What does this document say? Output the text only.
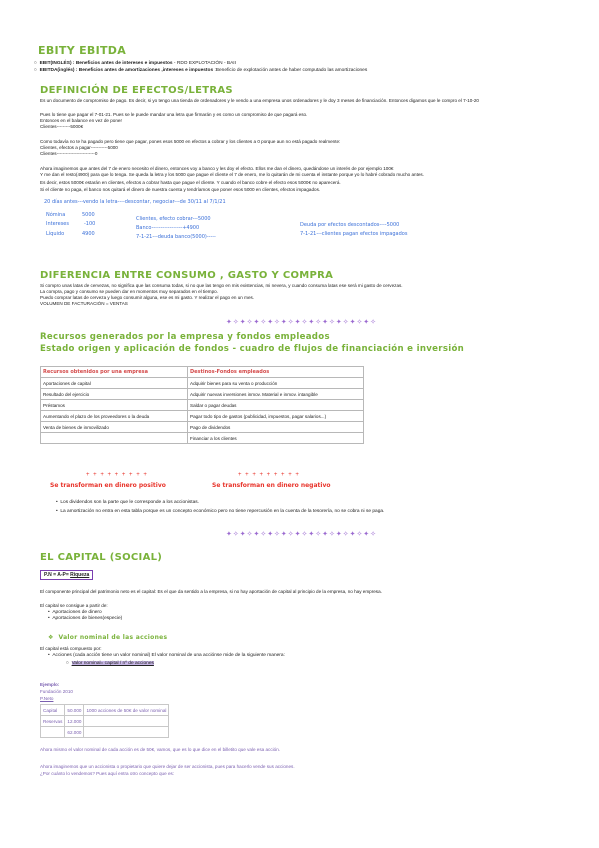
EBITY EBITDA
○  EBIT(INGLÉS) : Beneficios antes de intereses e impuestos - RDO EXPLOTACIÓN - BAII
○  EBITDA(inglés) : Beneficios antes de amortizaciones ,intereses e impuestos :Beneficio de explotación antes de haber computado las amortizaciones
DEFINICIÓN DE EFECTOS/LETRAS
Es un documento de compromiso de pago. Es decir, si yo tengo una tienda de ordenadores y le vendo a una empresa unos ordenadores y le doy 3 meses de financiación. Entonces digamos que le compro el 7-10-20
Pues lo tiene que pagar el 7-01-21. Pues se le puede mandar una letra que firmarán y es como un compromiso de que pagará eso.
Entonces en el balance en vez de poner
Clientes---------5000€
Como todavía no te ha pagado pero tiene que pagar, pones esos 5000 en efectos a cobrar y los clientes a 0 porque aun no está pagado realmente:
Clientes, efectos a pagar-----------5000
Clientes-------------------------0
Ahora imaginemos que antes del 7 de enero necesito el dinero, entonces voy a banco y les doy el efecto. Ellos me dan el dinero, quedándose un interés de por ejemplo 100€
Y me dan el resto(4900) para que lo tenga. Se queda la letra y los 5000 que pague el cliente el 7 de enero, me lo quitarán de mi cuenta el instante porque yo lo habré cobrado mucho antes.
Es decir, estos 5000€ estarán en clientes, efectos a cobrar hasta que pague el cliente. Y cuando el banco cobre el efecto esos 5000€ no aparecerá.
Si el cliente no paga, el banco nos quitará el dinero de nuestra cuenta y tendríamos que poner esos 5000 en clientes, efectos impagados.
20 días antes---vendo la letra----descontar, negociar---de 30/11 al 7/1/21
Nómina	5000
Intereses	-100
Líquido	4900
Clientes, efecto cobrar---5000
Banco-----------------+4900
7-1-21---deuda banco(5000)-----
Deuda por efectos descontados----5000
7-1-21---clientes pagan efectos impagados
DIFERENCIA ENTRE CONSUMO , GASTO Y COMPRA
Si compro unas latas de cervezas, no significa que las consuma todas, si no que las tengo en mis existencias, mi nevera, y cuando consuma latas ese será mi gasto de cervezas.
La compra, pago y consumo se pueden dar en momentos muy separados en el tiempo.
Puedo comprar latas de cerveza y luego consumir alguna, ese es mi gasto. Y realizar el pago en un mes.
VOLUMEN DE FACTURACIÓN = VENTAS
✦✧✦✧✦✧✦✧✦✧✦✧✦✧✦✧✦✧✦✧✦✧
Recursos generados por la empresa y fondos empleados
Estado origen y aplicación de fondos - cuadro de flujos de financiación e inversión
Recursos obtenidos por una empresa	Destinos-Fondos empleados
Aportaciones de capital	Adquirir bienes para su venta o producción
Resultado del ejercicio	Adquirir nuevas inversiones inmov. Material e inmov. intangible
Préstamos	Saldar o pagar deudas
Aumentando el plazo de los proveedores o la deuda	Pagar todo tipo de gastos (publicidad, impuestos, pagar salarios...)
Venta de bienes de inmovilizado	Pago de dividendos
	Financiar a los clientes
+ + + + + + + + +	+ + + + + + + + +
Se transforman en dinero positivo	Se transforman en dinero negativo
•  Los dividendos son la parte que le corresponde a los accionistas.
•  La amortización no entra en esta tabla porque es un concepto económico pero no tiene repercusión en la cuenta de la tesorería, no se cobra ni se paga.
✦✧✦✧✦✧✦✧✦✧✦✧✦✧✦✧✦✧✦✧✦✧
EL CAPITAL (SOCIAL)
P.N = A-P= Riqueza
El componente principal del patrimonio neto es el capital: Es el que da sentido a la empresa, si no hay aportación de capital al principio de la empresa, no hay empresa.
El capital se consigue a partir de:
•  Aportaciones de dinero
•  Aportaciones de bienes(especie)
❖ Valor nominal de las acciones
El capital está compuesto por:
•  Acciones (cada acción tiene un valor nominal) El valor nominal de una acciónse mide de la siguiente manera:
○  Valor nominal= capital / nº de acciones
Ejemplo:
Fundación 2010
P.Neto
Capital	50.000	1000 acciones de 50€ de valor nominal
Reservas	12.000	
	62.000	
Ahora mismo el valor nominal de cada acción es de 50€, vamos, que es lo que dice en el billetito que vale esa acción.
Ahora imaginemos que un accionista o propietario que quiere dejar de ser accionista, pues para hacerlo vende sus acciones.
¿Por cuánto lo vendemos? Pues aquí entra otro concepto que es:
